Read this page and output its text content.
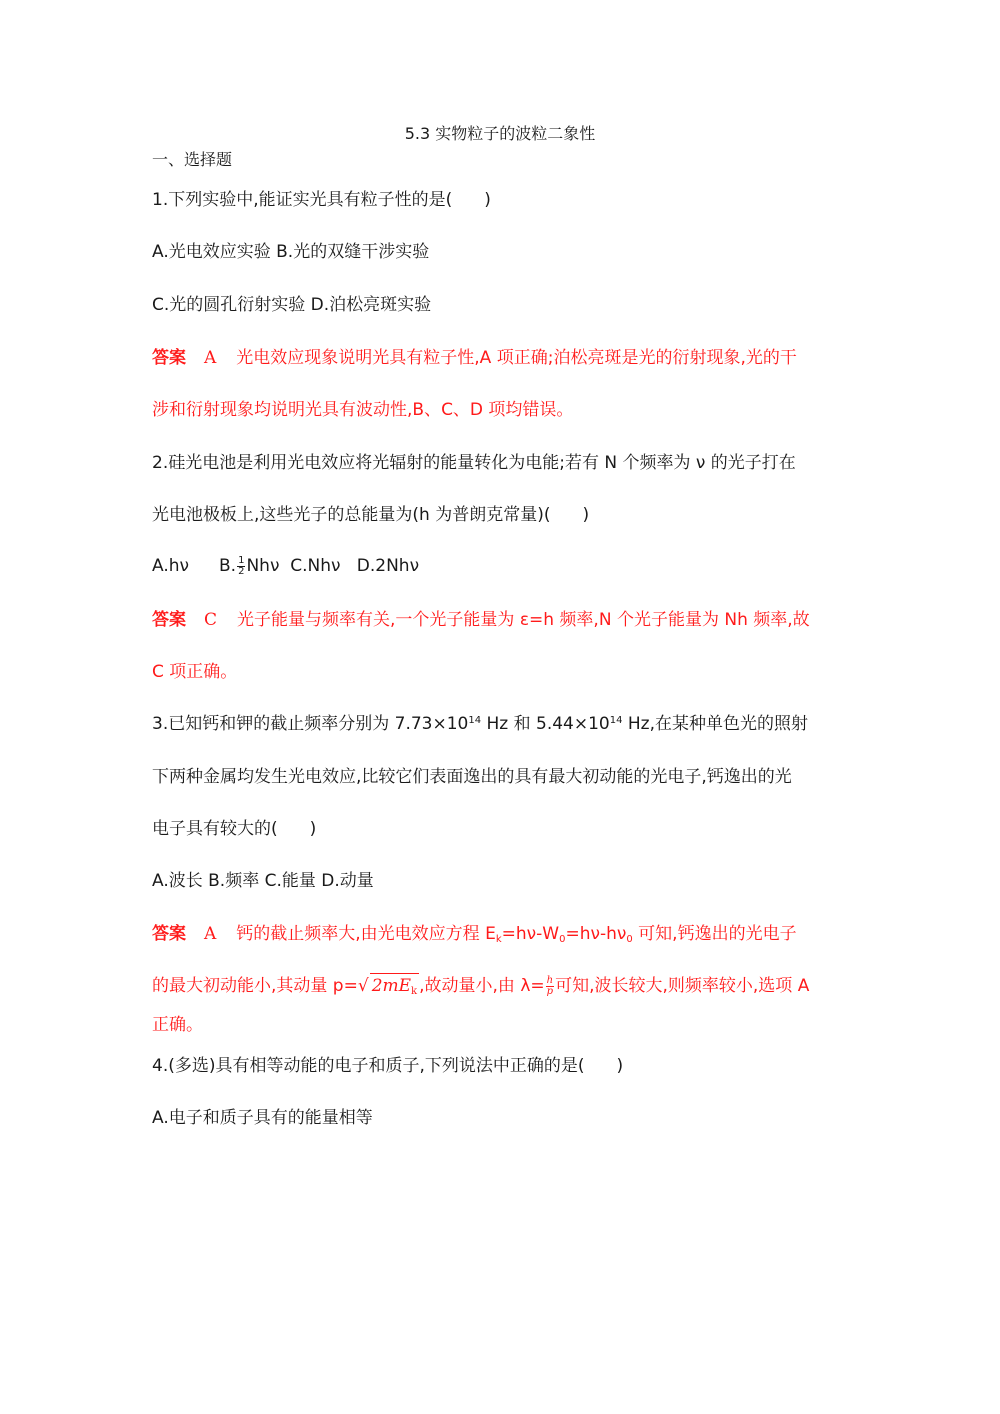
5.3 实物粒子的波粒二象性
一、选择题
1.下列实验中,能证实光具有粒子性的是( )
A.光电效应实验 B.光的双缝干涉实验
C.光的圆孔衍射实验 D.泊松亮斑实验
答案 A 光电效应现象说明光具有粒子性,A 项正确;泊松亮斑是光的衍射现象,光的干
涉和衍射现象均说明光具有波动性,B、C、D 项均错误。
2.硅光电池是利用光电效应将光辐射的能量转化为电能;若有 N 个频率为 ν 的光子打在
光电池极板上,这些光子的总能量为(h 为普朗克常量)( )
A.hν B. $\frac{1}{2}$ Nhν C.Nhν D.2Nhν
答案 C 光子能量与频率有关,一个光子能量为 ε=h 频率,N 个光子能量为 Nh 频率,故
C 项正确。
3.已知钙和钾的截止频率分别为 $7.73\times 10^{14}$ Hz 和 $5.44\times 10^{14}$ Hz,在某种单色光的照射
下两种金属均发生光电效应,比较它们表面逸出的具有最大初动能的光电子,钙逸出的光
电子具有较大的( )
A.波长 B.频率 C.能量 D.动量
答案 A 钙的截止频率大,由光电效应方程 $E_k=h\nu-W_0=h\nu-h\nu_0$ 可知,钙逸出的光电子
的最大初动能小,其动量 p=√ $2mE_k$ ,故动量小,由 $\lambda= \frac{h}{p}$ 可知,波长较大,则频率较小,选项 A
正确。
4.(多选)具有相等动能的电子和质子,下列说法中正确的是( )
A.电子和质子具有的能量相等
